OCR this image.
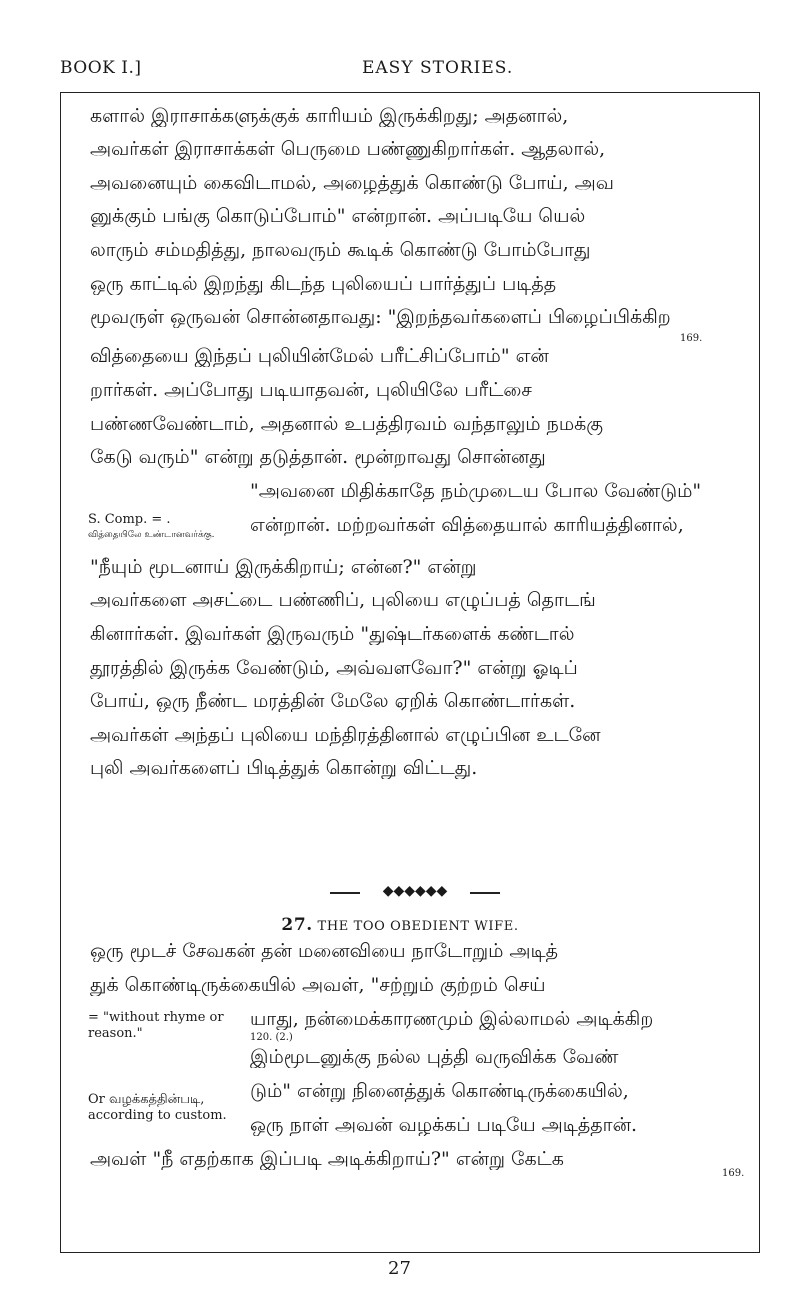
BOOK I.]	EASY STORIES.
களால் இராசாக்களுக்குக் காரியம் இருக்கிறது; அதனால்,
அவர்கள் இராசாக்கள் பெருமை பண்ணுகிறார்கள். ஆதலால்,
அவனையும் கைவிடாமல், அழைத்துக் கொண்டு போய், அவ
னுக்கும் பங்கு கொடுப்போம்" என்றான். அப்படியே யெல்
லாரும் சம்மதித்து, நாலவரும் கூடிக் கொண்டு போம்போது
ஒரு காட்டில் இறந்து கிடந்த புலியைப் பார்த்துப் படித்த
மூவருள் ஒருவன் சொன்னதாவது: "இறந்தவர்களைப் பிழைப்பிக்கிற
169.
வித்தையை இந்தப் புலியின்மேல் பரீட்சிப்போம்" என்
றார்கள். அப்போது படியாதவன், புலியிலே பரீட்சை
பண்ணவேண்டாம், அதனால் உபத்திரவம் வந்தாலும் நமக்கு
கேடு வரும்" என்று தடுத்தான். மூன்றாவது சொன்னது
"அவனை மிதிக்காதே நம்முடைய போல வேண்டும்"
S. Comp. = .
வித்தையிலே உண்டானவர்க்கு.	என்றான். மற்றவர்கள் வித்தையால் காரியத்தினால்,
"நீயும் மூடனாய் இருக்கிறாய்; என்ன?" என்று
அவர்களை அசட்டை பண்ணிப், புலியை எழுப்பத் தொடங்
கினார்கள். இவர்கள் இருவரும் "துஷ்டர்களைக் கண்டால்
தூரத்தில் இருக்க வேண்டும், அவ்வளவோ?" என்று ஓடிப்
போய், ஒரு நீண்ட மரத்தின் மேலே ஏறிக் கொண்டார்கள்.
அவர்கள் அந்தப் புலியை மந்திரத்தினால் எழுப்பின உடனே
புலி அவர்களைப் பிடித்துக் கொன்று விட்டது.
◆◆◆◆◆◆
27. THE TOO OBEDIENT WIFE.
ஒரு மூடச் சேவகன் தன் மனைவியை நாடோறும் அடித்
துக் கொண்டிருக்கையில் அவள், "சற்றும் குற்றம் செய்
= "without rhyme or reason."
யாது, நன்மைக்காரணமும் இல்லாமல் அடிக்கிற
120. (2.)
இம்மூடனுக்கு நல்ல புத்தி வருவிக்க வேண்
டும்" என்று நினைத்துக் கொண்டிருக்கையில்,
Or வழக்கத்தின்படி, according to custom.	ஒரு நாள் அவன் வழக்கப் படியே அடித்தான்.
அவள் "நீ எதற்காக இப்படி அடிக்கிறாய்?" என்று கேட்க
169.
27
